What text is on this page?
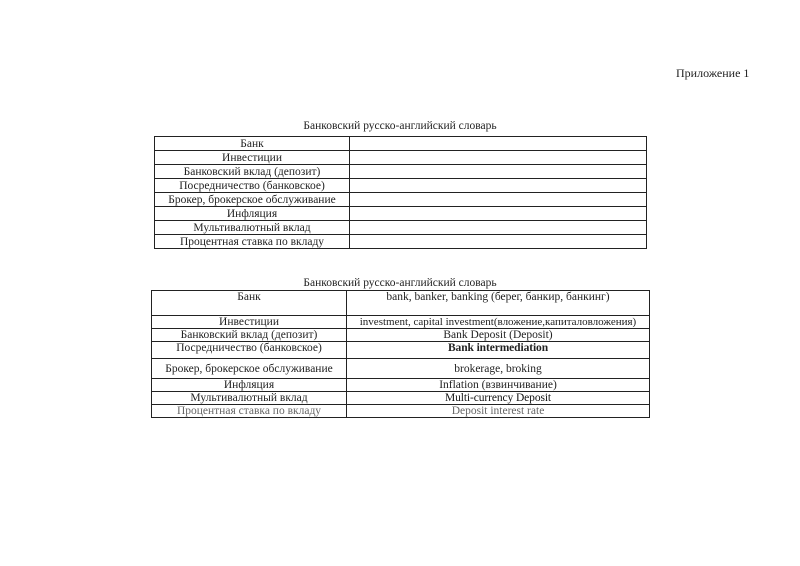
Приложение 1
Банковский русско-английский словарь
Банк	
Инвестиции	
Банковский вклад (депозит)	
Посредничество (банковское)	
Брокер, брокерское обслуживание	
Инфляция	
Мультивалютный вклад	
Процентная ставка по вкладу	
Банковский русско-английский словарь
Банк	bank, banker, banking (берег, банкир, банкинг)
Инвестиции	investment, capital investment(вложение,капиталовложения)
Банковский вклад (депозит)	Bank Deposit (Deposit)
Посредничество (банковское)	Bank intermediation
Брокер, брокерское обслуживание	brokerage, broking
Инфляция	Inflation (взвинчивание)
Мультивалютный вклад	Multi-currency Deposit
Процентная ставка по вкладу	Deposit interest rate
